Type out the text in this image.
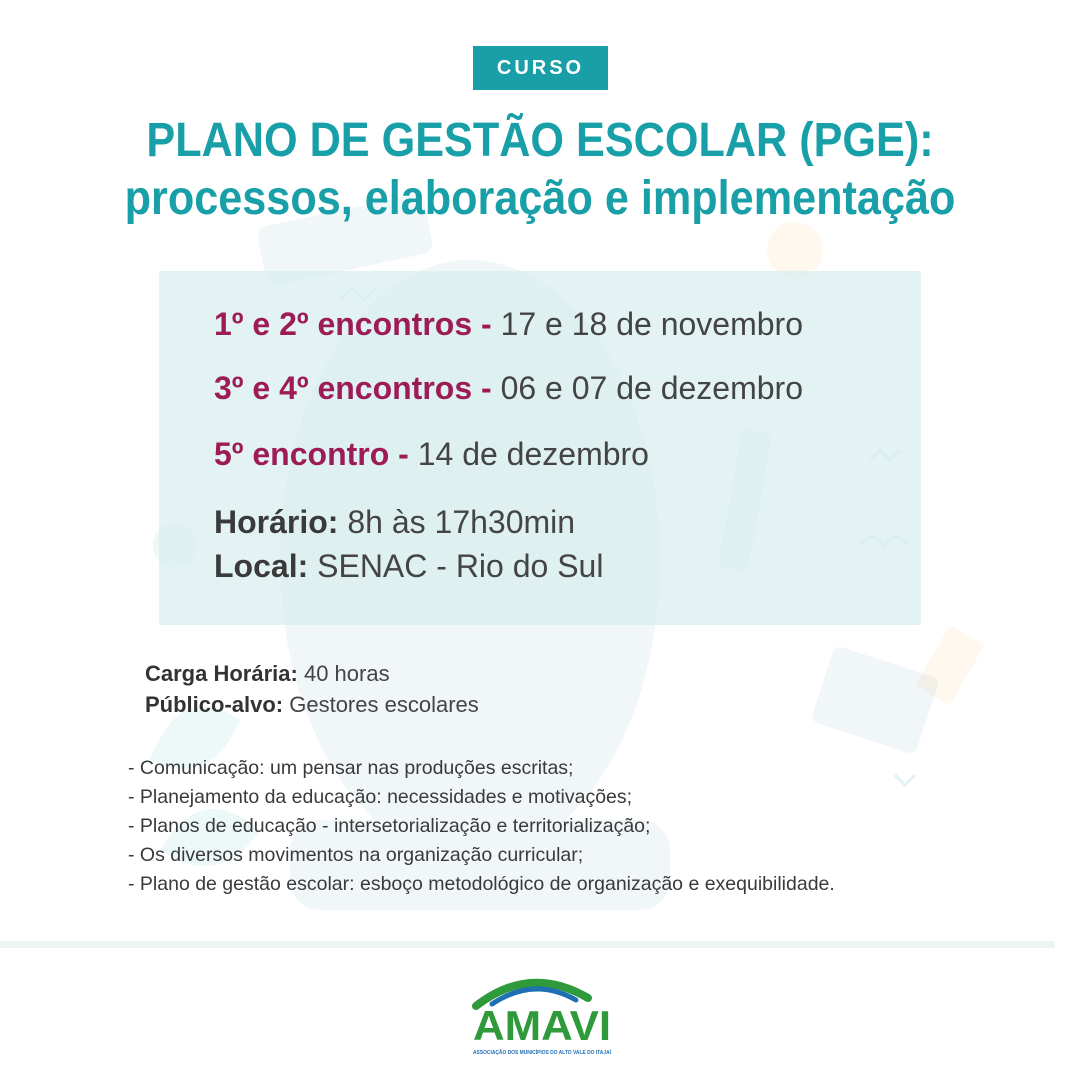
CURSO
PLANO DE GESTÃO ESCOLAR (PGE):
processos, elaboração e implementação
1º e 2º encontros - 17 e 18 de novembro
3º e 4º encontros - 06 e 07 de dezembro
5º encontro - 14 de dezembro
Horário: 8h às 17h30min
Local: SENAC - Rio do Sul
Carga Horária: 40 horas
Público-alvo: Gestores escolares
- Comunicação: um pensar nas produções escritas;
- Planejamento da educação: necessidades e motivações;
- Planos de educação - intersetorialização e territorialização;
- Os diversos movimentos na organização curricular;
- Plano de gestão escolar: esboço metodológico de organização e exequibilidade.
AMAVI
ASSOCIAÇÃO DOS MUNICÍPIOS DO ALTO VALE DO ITAJAÍ
